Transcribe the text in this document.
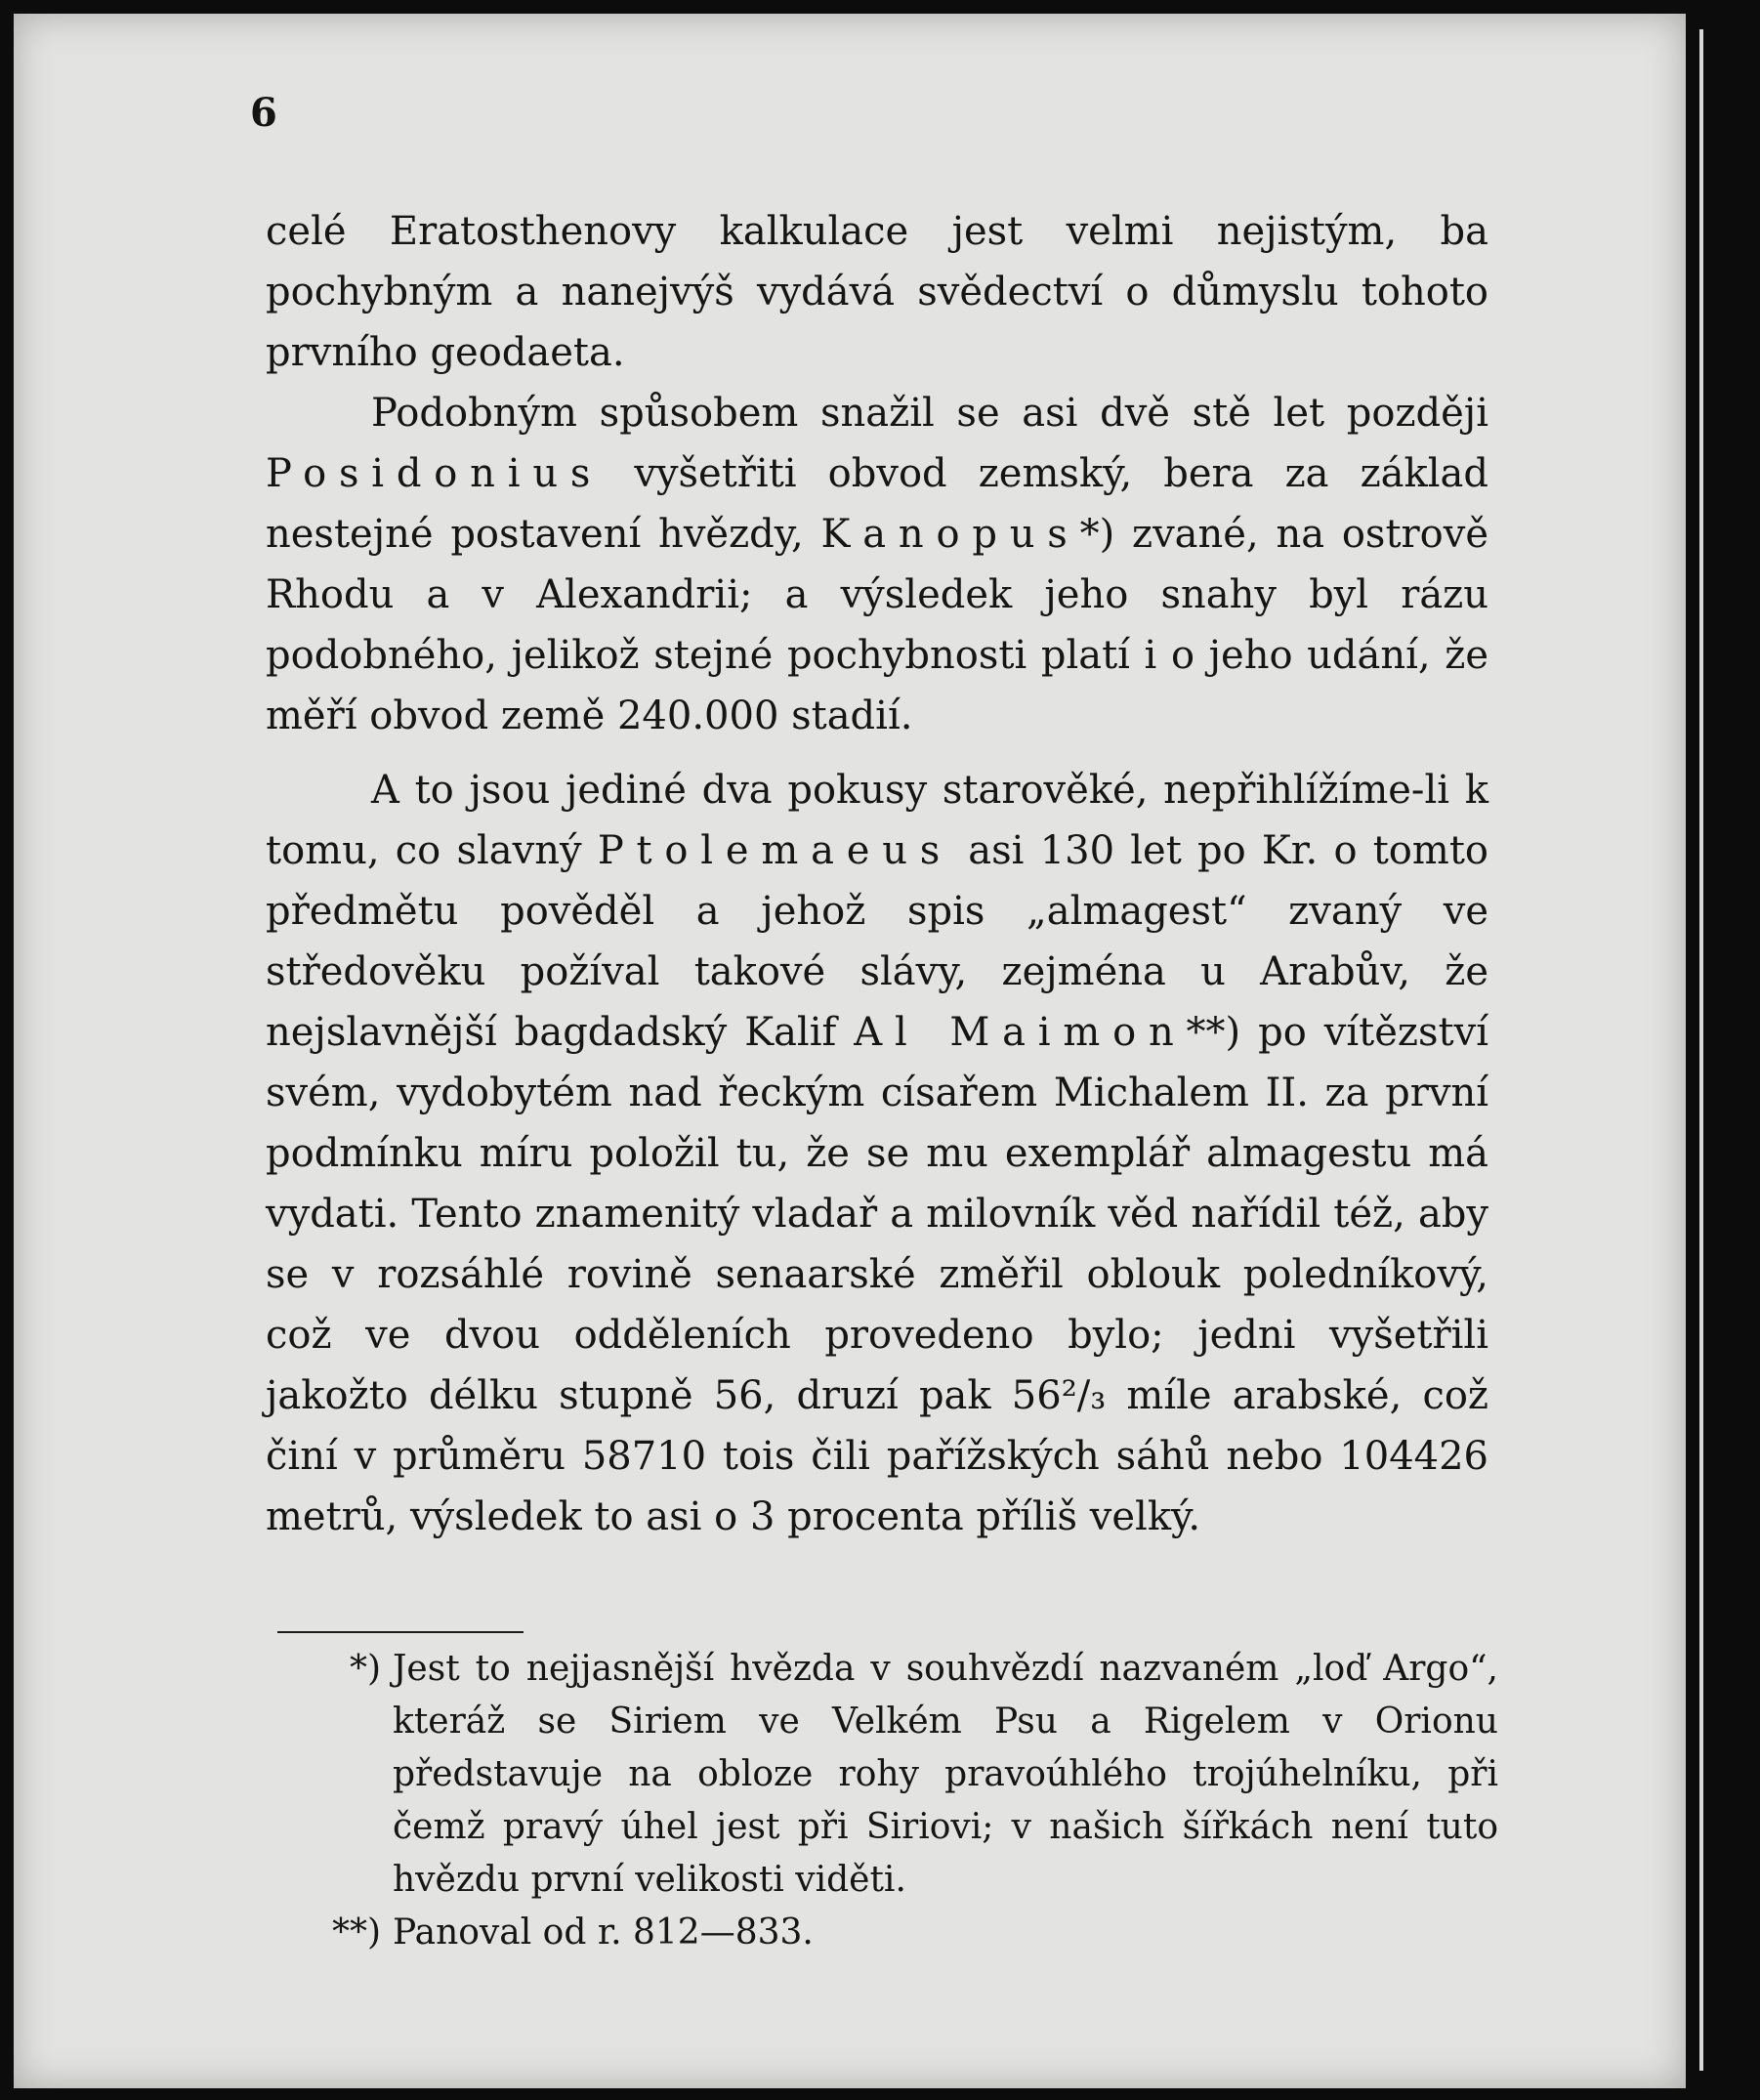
6

celé Eratosthenovy kalkulace jest velmi nejistým, ba pochybným a nanejvýš vydává svědectví o důmyslu tohoto prvního geodaeta.

Podobným spůsobem snažil se asi dvě stě let později Posidonius vyšetřiti obvod zemský, bera za základ nestejné postavení hvězdy, Kanopus*) zvané, na ostrově Rhodu a v Alexandrii; a výsledek jeho snahy byl rázu podobného, jelikož stejné pochybnosti platí i o jeho udání, že měří obvod země 240.000 stadií.

A to jsou jediné dva pokusy starověké, nepřihlížíme-li k tomu, co slavný Ptolemaeus asi 130 let po Kr. o tomto předmětu pověděl a jehož spis „almagest“ zvaný ve středověku požíval takové slávy, zejména u Arabův, že nejslavnější bagdadský Kalif Al Maimon**) po vítězství svém, vydobytém nad řeckým císařem Michalem II. za první podmínku míru položil tu, že se mu exemplář almagestu má vydati. Tento znamenitý vladař a milovník věd nařídil též, aby se v rozsáhlé rovině senaarské změřil oblouk poledníkový, což ve dvou odděleních provedeno bylo; jedni vyšetřili jakožto délku stupně 56, druzí pak 56²/₃ míle arabské, což činí v průměru 58710 tois čili pařížských sáhů nebo 104426 metrů, výsledek to asi o 3 procenta příliš velký.

*) Jest to nejjasnější hvězda v souhvězdí nazvaném „loď Argo“, kteráž se Siriem ve Velkém Psu a Rigelem v Orionu představuje na obloze rohy pravoúhlého trojúhelníku, při čemž pravý úhel jest při Siriovi; v našich šířkách není tuto hvězdu první velikosti viděti.
**) Panoval od r. 812—833.
